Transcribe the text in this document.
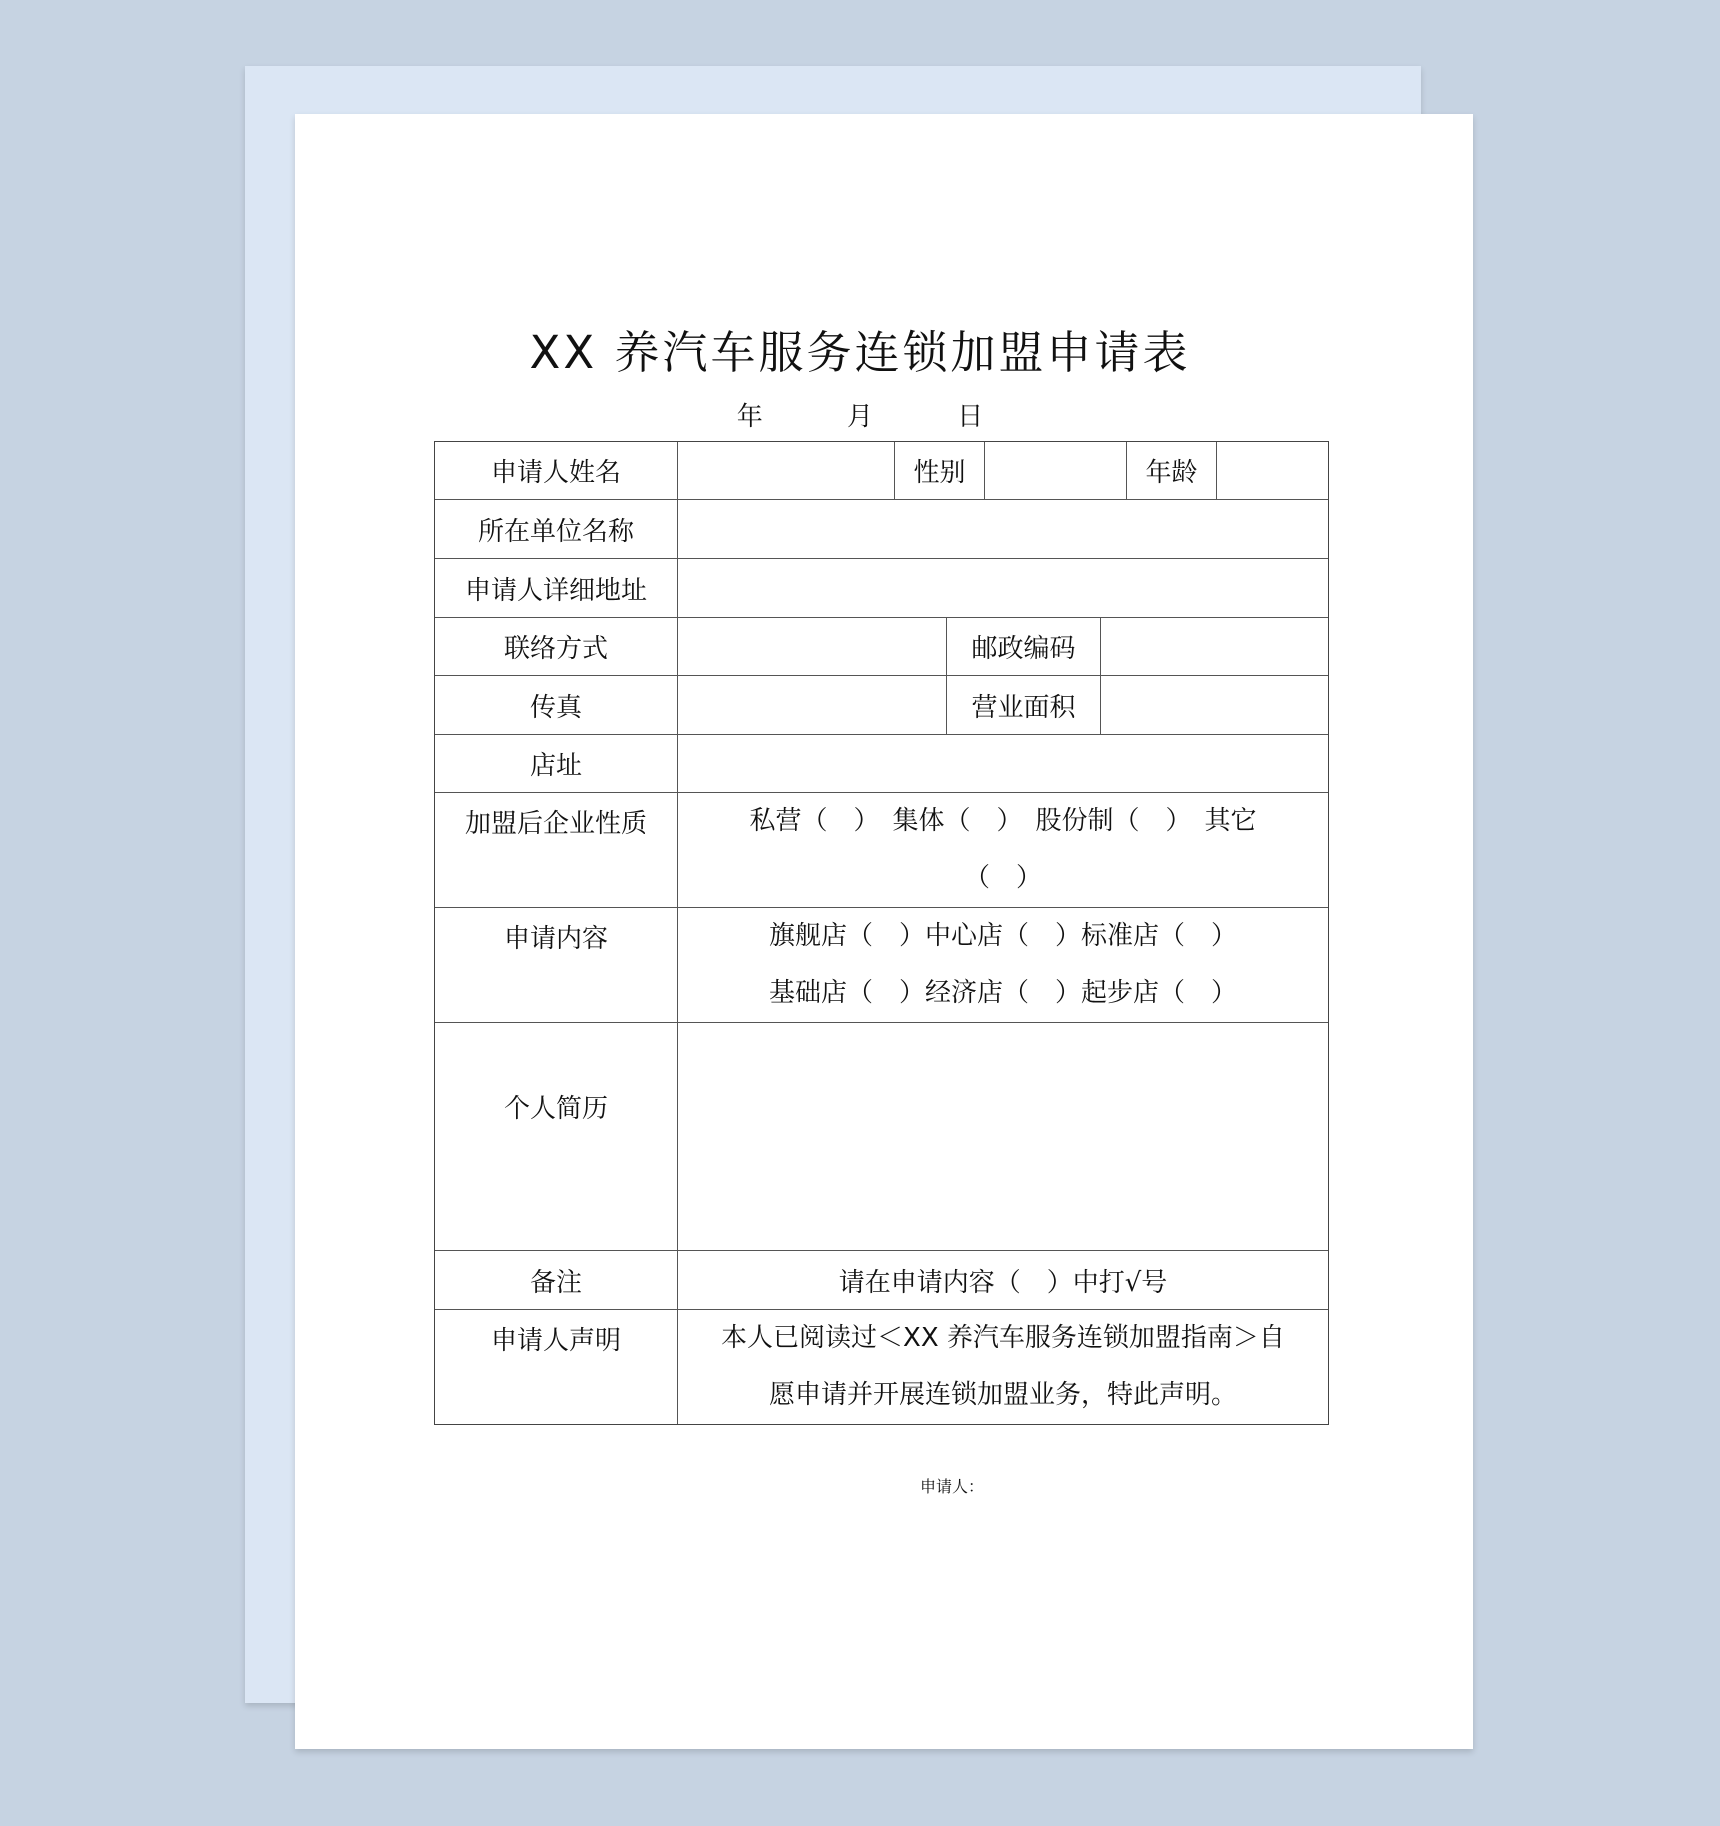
XX 养汽车服务连锁加盟申请表
年	月	日
申请人姓名	性别	年龄
所在单位名称
申请人详细地址
联络方式	邮政编码
传真	营业面积
店址
加盟后企业性质	私营（　）　集体（　）　股份制（　）　其它
（　）
申请内容	旗舰店（　）中心店（　）标准店（　）
基础店（　）经济店（　）起步店（　）
个人简历
备注	请在申请内容（　）中打√号
申请人声明	本人已阅读过＜XX 养汽车服务连锁加盟指南＞自
愿申请并开展连锁加盟业务，特此声明。
申请人：
